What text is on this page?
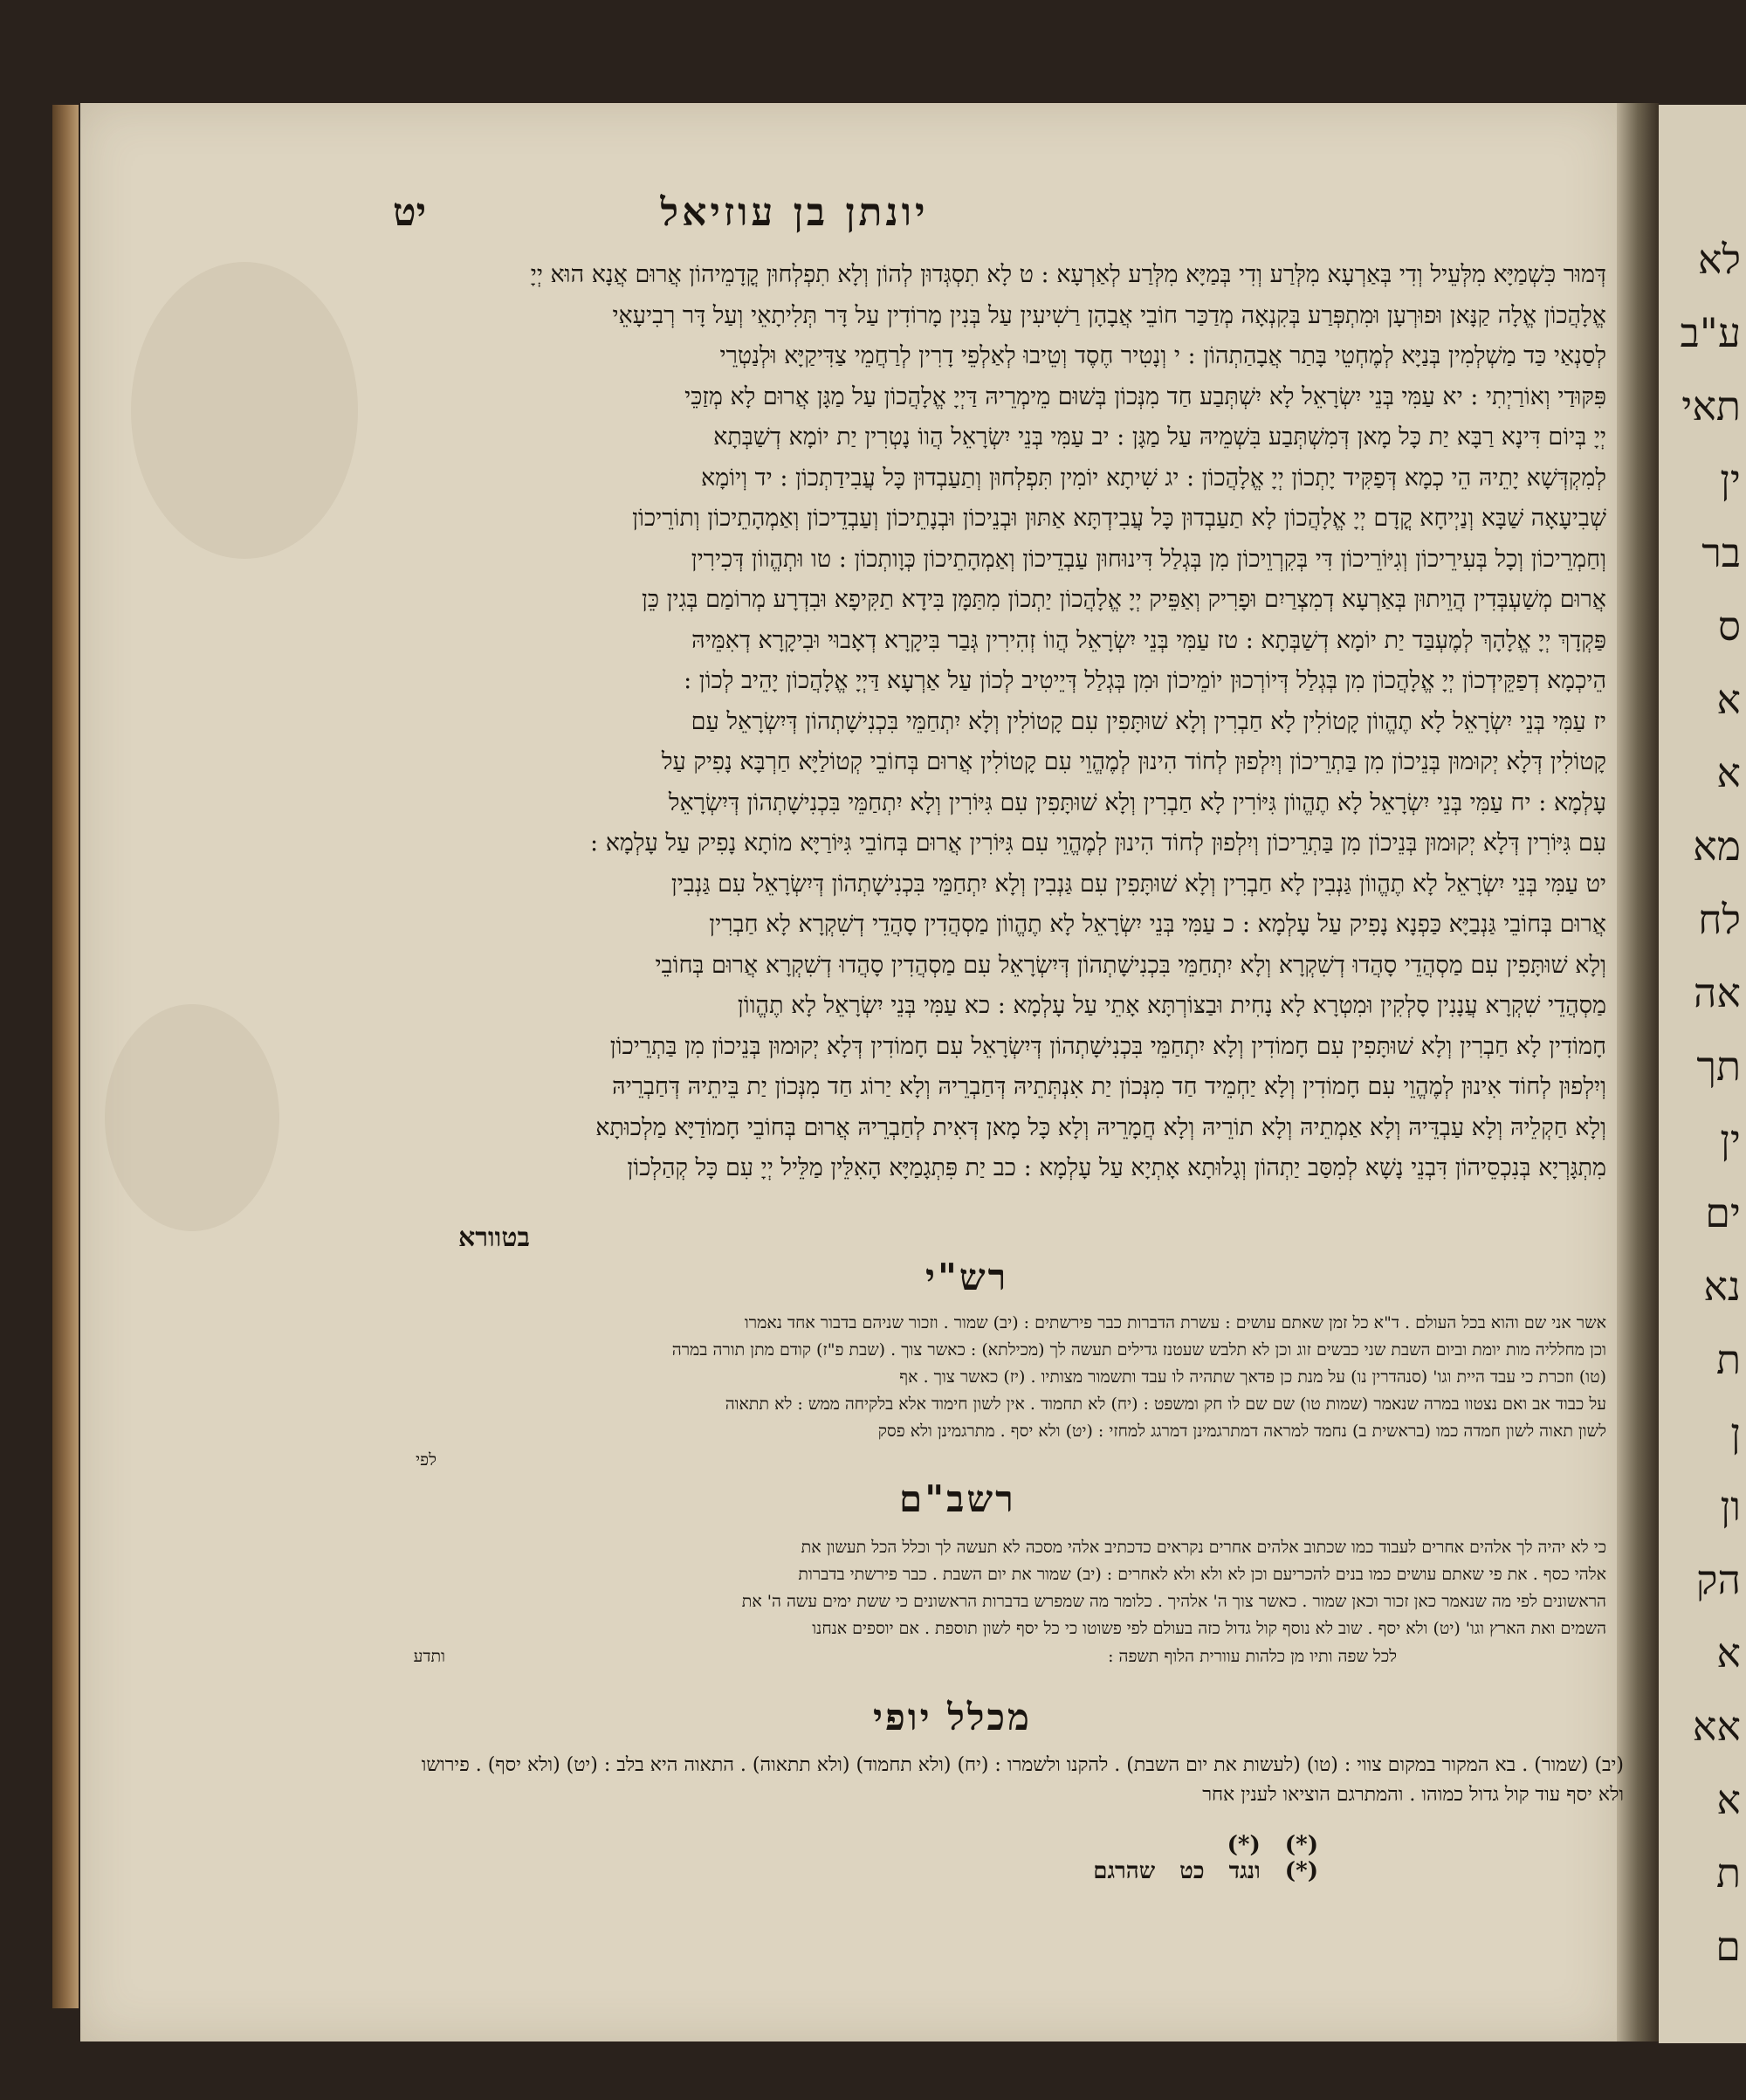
לא
ע"ב
תאי
ין
בר
ס
א
א
מא
לח
אה
תך
ין
ים
נא
ת
ן
ון
הק
א
אא
א
ת
ם
יונתן בן עוזיאל
יט
דְּמוּר כִּשְׁמַיָּא מִלְּעֵיל וְדִי בְּאַרְעָא מִלְּרַע וְדִי בְּמַיָּא מִלְּרַע לְאַרְעָא : ט לָא תִסְגְּדוּן לְהוֹן וְלָא תִפְלְחוּן קֳדָמֵיהוֹן אֲרוּם אֲנָא הוּא יְיָ
אֱלָהֲכוֹן אֱלָה קַנָּאן וּפוּרְעָן וּמִתְפְּרַע בְּקִנְאָה מְדַכַּר חוֹבֵי אֲבָהָן רַשִׁיעִין עַל בְּנִין מָרוֹדִין עַל דָּר תְּלִיתָאֵי וְעַל דָּר רְבִיעָאֵי
לְסַנְאַי כַּד מַשְׁלְמִין בְּנַיָּא לְמֶחְטֵי בָּתַר אֲבָהַתְהוֹן : י וְנָטִיר חֶסֶד וְטֵיבוּ לְאַלְפֵי דָרִין לְרַחֲמֵי צַדִּיקַיָּא וּלְנַטְרֵי
פִּקּוּדַי וְאוֹרַיְתִי : יא עַמִּי בְּנֵי יִשְׂרָאֵל לָא יִשְׁתְּבַע חַד מִנְּכוֹן בְּשׁוּם מֵימְרֵיהּ דַּיְיָ אֱלָהֲכוֹן עַל מַגָּן אֲרוּם לָא מְזַכֵּי
יְיָ בְּיוֹם דִּינָא רַבָּא יַת כָּל מָאן דְּמִשְׁתְּבַע בִּשְׁמֵיהּ עַל מַגָּן : יב עַמִּי בְּנֵי יִשְׂרָאֵל הֲווֹ נָטְרִין יַת יוֹמָא דְשַׁבְּתָא
לְמִקְדְּשָׁא יָתֵיהּ הֵי כְמָא דְּפַקִּיד יָתְכוֹן יְיָ אֱלָהֲכוֹן : יג שִׁיתָא יוֹמִין תִּפְלְחוּן וְתַעַבְדוּן כָּל עֲבִידַתְכוֹן : יד וְיוֹמָא
שְׁבִיעָאָה שַׁבָּא וְנַיְיחָא קֳדָם יְיָ אֱלָהֲכוֹן לָא תַעַבְדוּן כָּל עֲבִידְתָּא אַתּוּן וּבְנֵיכוֹן וּבְנָתֵיכוֹן וְעַבְדֵיכוֹן וְאַמְהָתֵיכוֹן וְתוֹרֵיכוֹן
וְחַמְרֵיכוֹן וְכָל בְּעִירֵיכוֹן וְגִיּוֹרֵיכוֹן דִּי בְּקִרְוֵיכוֹן מִן בְּגְלַל דִּינוּחוּן עַבְדֵיכוֹן וְאַמְהָתֵיכוֹן כְּוָותְכוֹן : טו וּתְהֱווֹן דְּכִירִין
אֲרוּם מְשַׁעְבְּדִין הֲוֵיתוּן בְּאַרְעָא דְמִצְרַיִם וּפָרִיק וְאַפֵּיק יְיָ אֱלָהֲכוֹן יַתְכוֹן מִתַּמָּן בִּידָא תַקִּיפָא וּבִדְרָע מְרוֹמַם בְּגִין כֵּן
פַּקְדָךְ יְיָ אֱלָהָךְ לְמֶעְבַּד יַת יוֹמָא דְשַׁבְּתָא : טז עַמִּי בְּנֵי יִשְׂרָאֵל הֲווֹ זְהִירִין גְּבַר בִּיקָרָא דְאָבוּי וּבִיקָרָא דְאִמֵּיהּ
הֵיכְמָא דְפַקֵּידְכוֹן יְיָ אֱלָהֲכוֹן מִן בְּגְלַל דְּיוֹרְכוּן יוֹמֵיכוֹן וּמִן בְּגְלַל דְּיֵיטִיב לְכוֹן עַל אַרְעָא דַּיְיָ אֱלָהֲכוֹן יָהֵיב לְכוֹן :
יז עַמִּי בְּנֵי יִשְׂרָאֵל לָא תֶהֱווֹן קָטוֹלִין לָא חַבְרִין וְלָא שׁוּתָּפִין עִם קָטוֹלִין וְלָא יִתְחַמֵּי בִּכְנִישָׁתְהוֹן דְּיִשְׂרָאֵל עַם
קָטוֹלִין דְּלָא יְקוּמוּן בְּנֵיכוֹן מִן בַּתְרֵיכוֹן וְיִלְפוּן לְחוֹד הִינוּן לְמֶהֱוֵי עִם קָטוֹלִין אֲרוּם בְּחוֹבֵי קְטוֹלַיָּא חַרְבָּא נָפִיק עַל
עָלְמָא : יח עַמִּי בְּנֵי יִשְׂרָאֵל לָא תֶהֱווֹן גִּיּוֹרִין לָא חַבְרִין וְלָא שׁוּתָּפִין עִם גִּיּוֹרִין וְלָא יִתְחַמֵּי בִּכְנִישָׁתְהוֹן דְּיִשְׂרָאֵל
עִם גִּיּוֹרִין דְּלָא יְקוּמוּן בְּנֵיכוֹן מִן בַּתְרֵיכוֹן וְיִלְפוּן לְחוֹד הִינוּן לְמֶהֱוֵי עִם גִּיּוֹרִין אֲרוּם בְּחוֹבֵי גִּיּוֹרַיָּא מוֹתָא נָפִיק עַל עָלְמָא :
יט עַמִּי בְּנֵי יִשְׂרָאֵל לָא תֶהֱווֹן גַּנְבִין לָא חַבְרִין וְלָא שׁוּתָּפִין עִם גַּנְבִין וְלָא יִתְחַמֵּי בִּכְנִישָׁתְהוֹן דְּיִשְׂרָאֵל עִם גַּנְבִין
אֲרוּם בְּחוֹבֵי גַּנְבַיָּא כַּפְנָא נָפִיק עַל עָלְמָא : כ עַמִּי בְּנֵי יִשְׂרָאֵל לָא תֶהֱווֹן מַסְהֲדִין סָהֲדֵי דְשִׁקְרָא לָא חַבְרִין
וְלָא שׁוּתָּפִין עִם מַסְהֲדֵי סָהֲדוּ דְשִׁקְרָא וְלָא יִתְחַמֵּי בִּכְנִישָׁתְהוֹן דְּיִשְׂרָאֵל עִם מַסְהֲדִין סָהֲדוּ דְשִׁקְרָא אֲרוּם בְּחוֹבֵי
מַסְהֲדֵי שִׁקְרָא עֲנָנִין סָלְקִין וּמִטְרָא לָא נָחִית וּבַצּוֹרְתָּא אָתֵי עַל עָלְמָא : כא עַמִּי בְּנֵי יִשְׂרָאֵל לָא תֶהֱווֹן
חָמוֹדִין לָא חַבְרִין וְלָא שׁוּתָּפִין עִם חָמוֹדִין וְלָא יִתְחַמֵּי בִּכְנִישָׁתְהוֹן דְּיִשְׂרָאֵל עִם חָמוֹדִין דְּלָא יְקוּמוּן בְּנֵיכוֹן מִן בַּתְרֵיכוֹן
וְיִלְפוּן לְחוֹד אִינוּן לְמֶהֱוֵי עִם חָמוֹדִין וְלָא יַחְמֵיד חַד מִנְּכוֹן יַת אִנְתְּתֵיהּ דְּחַבְרֵיהּ וְלָא יַרוֹג חַד מִנְּכוֹן יַת בֵּיתֵיהּ דְּחַבְרֵיהּ
וְלָא חַקְלֵיהּ וְלָא עַבְדֵּיהּ וְלָא אַמְתֵיהּ וְלָא תוֹרֵיהּ וְלָא חֲמָרֵיהּ וְלָא כָּל מָאן דְּאִית לְחַבְרֵיהּ אֲרוּם בְּחוֹבֵי חָמוֹדַיָּא מַלְכוּתָא
מִתְגָּרְיָא בְּנִכְסֵיהוֹן דִּבְנֵי נָשָׁא לְמִסַּב יַתְהוֹן וְגָלוּתָא אָתְיָא עַל עָלְמָא : כב יַת פִּתְגָמַיָּא הָאִלֵּין מַלֵּיל יְיָ עִם כָּל קְהַלְכוֹן
בטוורא
רש"י
אשר אני שם והוא בכל העולם . ד"א כל זמן שאתם עושים : עשרת הדברות כבר פירשתים : (יב) שמור . וזכור שניהם בדבור אחד נאמרו
וכן מחלליה מות יומת וביום השבת שני כבשים זוג וכן לא תלבש שעטנז גדילים תעשה לך (מכילתא) : כאשר צוך . (שבת פ"ז) קודם מתן תורה במרה
(טו) וזכרת כי עבד היית וגו' (סנהדרין נו) על מנת כן פדאך שתהיה לו עבד ותשמור מצותיו . (יז) כאשר צוך . אף
על כבוד אב ואם נצטוו במרה שנאמר (שמות טו) שם שם לו חק ומשפט : (יח) לא תחמוד . אין לשון חימוד אלא בלקיחה ממש : לא תתאוה
לשון תאוה לשון חמדה כמו (בראשית ב) נחמד למראה דמתרגמינן דמרגג למחזי : (יט) ולא יסף . מתרגמינן ולא פסק
לפי
רשב"ם
כי לא יהיה לך אלהים אחרים לעבוד כמו שכתוב אלהים אחרים נקראים כדכתיב אלהי מסכה לא תעשה לך וכלל הכל תעשון את
אלהי כסף . את פי שאתם עושים כמו בנים להכריעם וכן לא ולא ולא לאחרים : (יב) שמור את יום השבת . כבר פירשתי בדברות
הראשונים לפי מה שנאמר כאן זכור וכאן שמור . כאשר צוך ה' אלהיך . כלומר מה שמפרש בדברות הראשונים כי ששת ימים עשה ה' את
השמים ואת הארץ וגו' (יט) ולא יסף . שוב לא נוסף קול גדול כזה בעולם לפי פשוטו כי כל יסף לשון תוספת . אם יוספים אנחנו
לכל שפה ותיו מן כלהות עוורית הלוף תשפה :
ותדע
מכלל יופי
(יב) (שמור) . בא המקור במקום צווי : (טו) (לעשות את יום השבת) . להקנו ולשמרו : (יח) (ולא תחמוד) (ולא תתאוה) . התאוה היא בלב : (יט) (ולא יסף) . פירושו
ולא יסף עוד קול גדול כמוהו . והמתרגם הוציאו לענין אחר
(*)(*)(*)ונגדכטשהרגם
